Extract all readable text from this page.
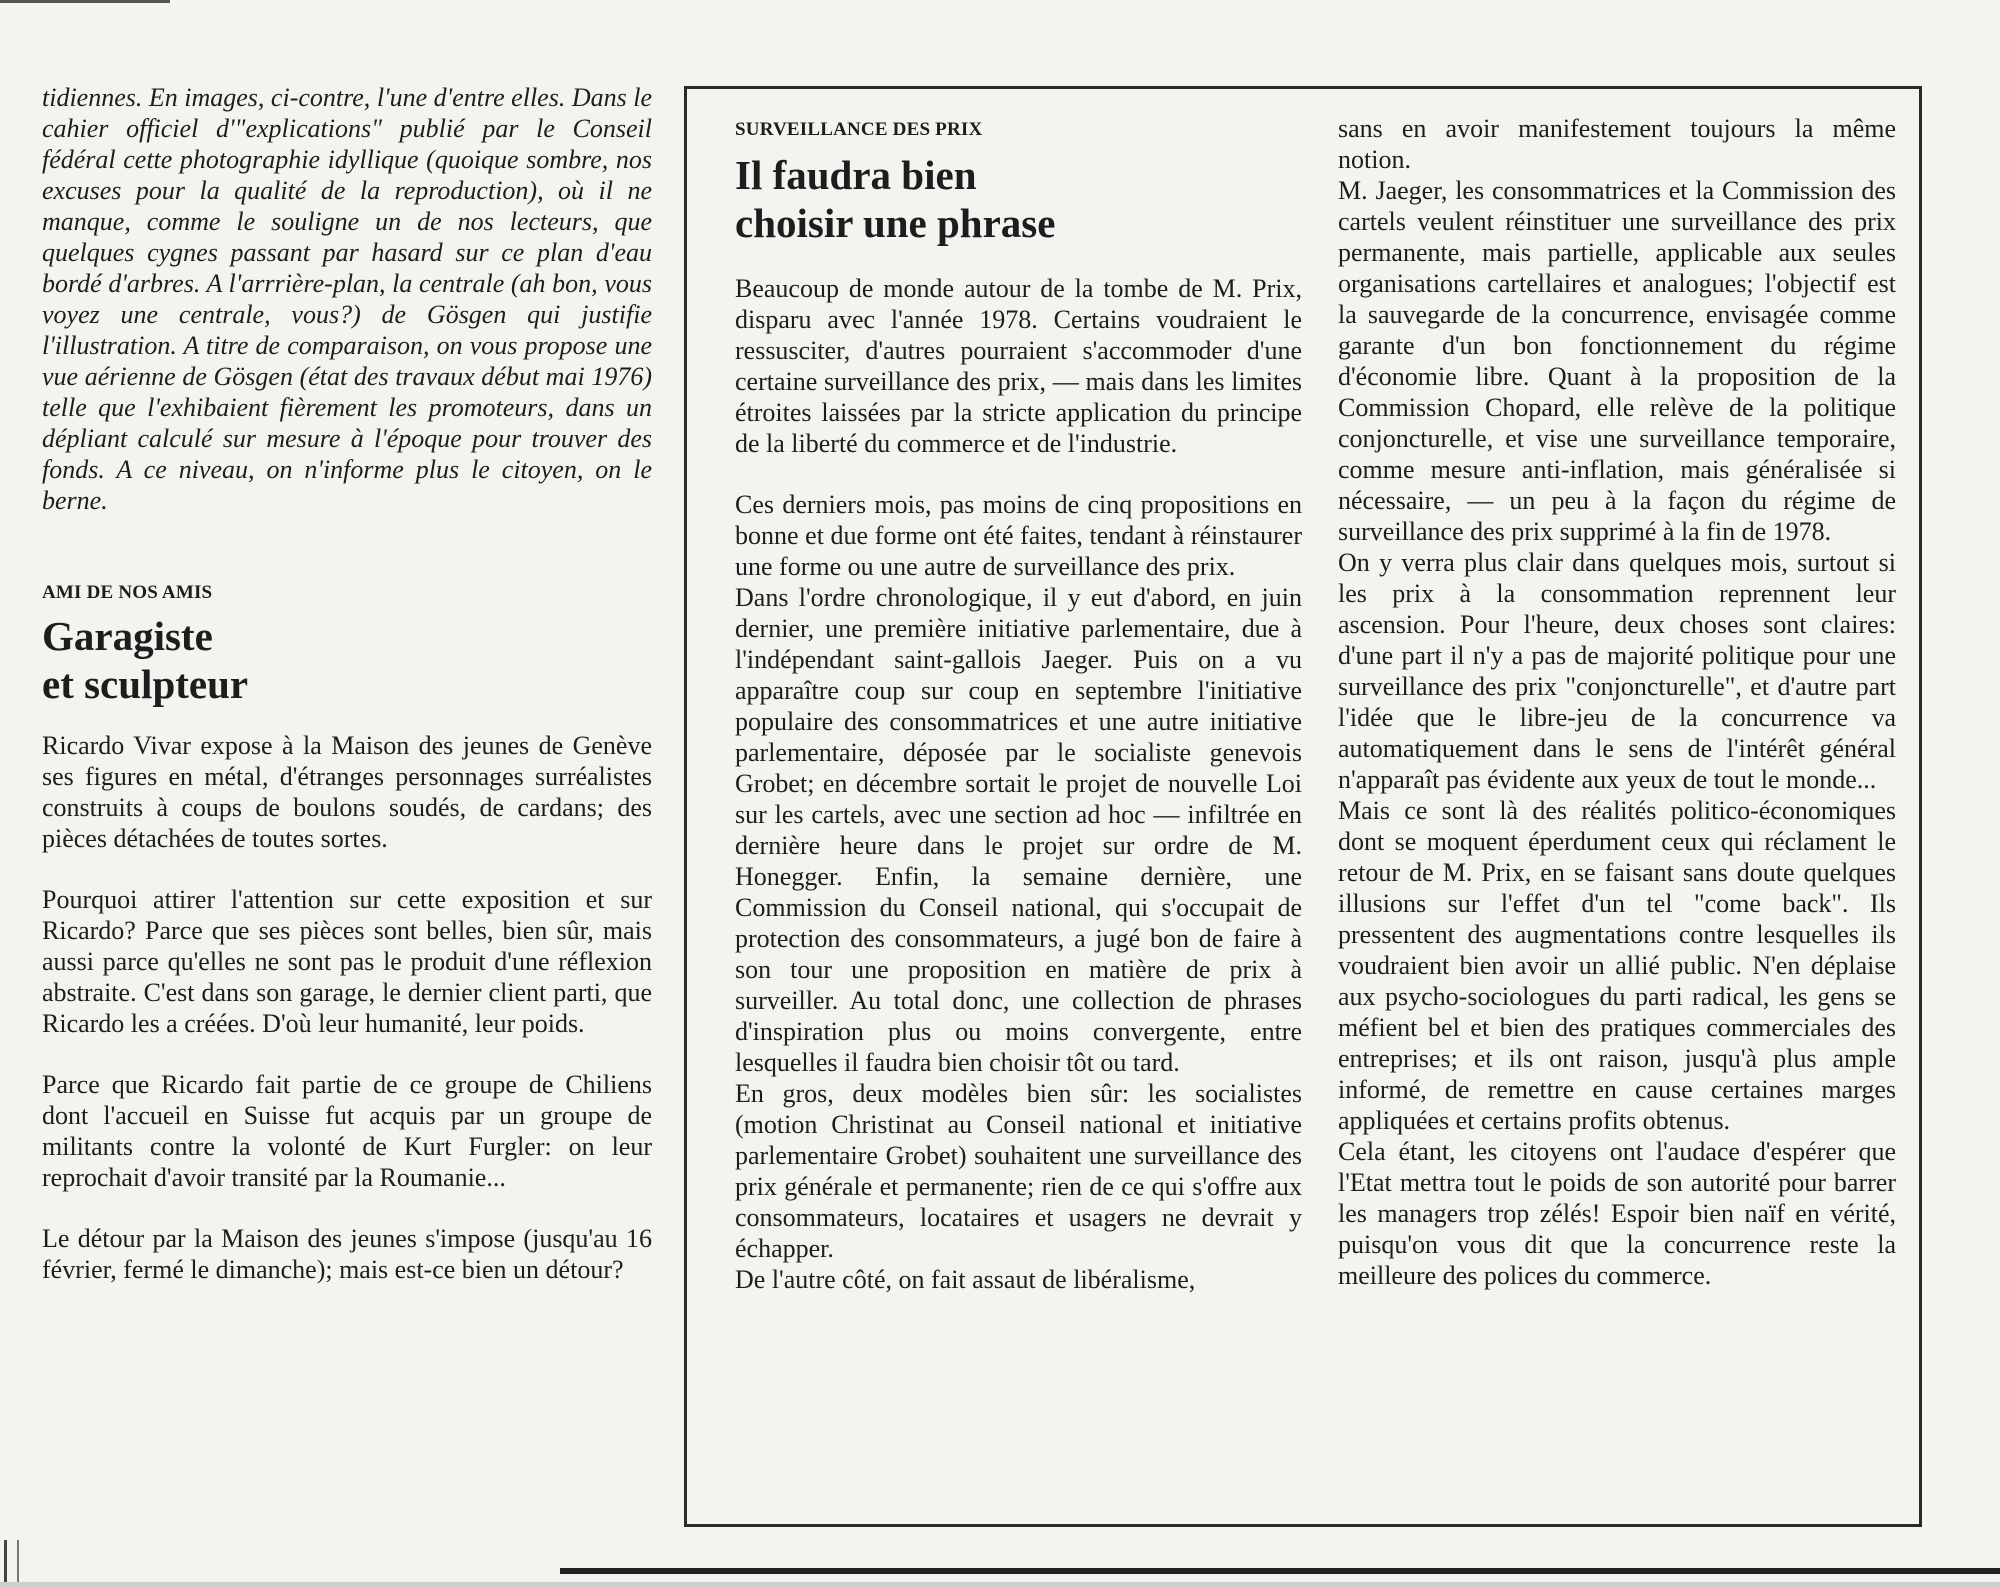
tidiennes. En images, ci-contre, l'une d'entre elles. Dans le cahier officiel d'"explications" publié par le Conseil fédéral cette photographie idyllique (quoique sombre, nos excuses pour la qualité de la reproduction), où il ne manque, comme le souligne un de nos lecteurs, que quelques cygnes passant par hasard sur ce plan d'eau bordé d'arbres. A l'arrrière-plan, la centrale (ah bon, vous voyez une centrale, vous?) de Gösgen qui justifie l'illustration. A titre de comparaison, on vous propose une vue aérienne de Gösgen (état des travaux début mai 1976) telle que l'exhibaient fièrement les promoteurs, dans un dépliant calculé sur mesure à l'époque pour trouver des fonds. A ce niveau, on n'informe plus le citoyen, on le berne.

AMI DE NOS AMIS
Garagiste
et sculpteur

Ricardo Vivar expose à la Maison des jeunes de Genève ses figures en métal, d'étranges personnages surréalistes construits à coups de boulons soudés, de cardans; des pièces détachées de toutes sortes.

Pourquoi attirer l'attention sur cette exposition et sur Ricardo? Parce que ses pièces sont belles, bien sûr, mais aussi parce qu'elles ne sont pas le produit d'une réflexion abstraite. C'est dans son garage, le dernier client parti, que Ricardo les a créées. D'où leur humanité, leur poids.

Parce que Ricardo fait partie de ce groupe de Chiliens dont l'accueil en Suisse fut acquis par un groupe de militants contre la volonté de Kurt Furgler: on leur reprochait d'avoir transité par la Roumanie...

Le détour par la Maison des jeunes s'impose (jusqu'au 16 février, fermé le dimanche); mais est-ce bien un détour?

SURVEILLANCE DES PRIX
Il faudra bien
choisir une phrase

Beaucoup de monde autour de la tombe de M. Prix, disparu avec l'année 1978. Certains voudraient le ressusciter, d'autres pourraient s'accommoder d'une certaine surveillance des prix, — mais dans les limites étroites laissées par la stricte application du principe de la liberté du commerce et de l'industrie.

Ces derniers mois, pas moins de cinq propositions en bonne et due forme ont été faites, tendant à réinstaurer une forme ou une autre de surveillance des prix.

Dans l'ordre chronologique, il y eut d'abord, en juin dernier, une première initiative parlementaire, due à l'indépendant saint-gallois Jaeger. Puis on a vu apparaître coup sur coup en septembre l'initiative populaire des consommatrices et une autre initiative parlementaire, déposée par le socialiste genevois Grobet; en décembre sortait le projet de nouvelle Loi sur les cartels, avec une section ad hoc — infiltrée en dernière heure dans le projet sur ordre de M. Honegger. Enfin, la semaine dernière, une Commission du Conseil national, qui s'occupait de protection des consommateurs, a jugé bon de faire à son tour une proposition en matière de prix à surveiller. Au total donc, une collection de phrases d'inspiration plus ou moins convergente, entre lesquelles il faudra bien choisir tôt ou tard.

En gros, deux modèles bien sûr: les socialistes (motion Christinat au Conseil national et initiative parlementaire Grobet) souhaitent une surveillance des prix générale et permanente; rien de ce qui s'offre aux consommateurs, locataires et usagers ne devrait y échapper.

De l'autre côté, on fait assaut de libéralisme,

sans en avoir manifestement toujours la même notion.

M. Jaeger, les consommatrices et la Commission des cartels veulent réinstituer une surveillance des prix permanente, mais partielle, applicable aux seules organisations cartellaires et analogues; l'objectif est la sauvegarde de la concurrence, envisagée comme garante d'un bon fonctionnement du régime d'économie libre. Quant à la proposition de la Commission Chopard, elle relève de la politique conjoncturelle, et vise une surveillance temporaire, comme mesure anti-inflation, mais généralisée si nécessaire, — un peu à la façon du régime de surveillance des prix supprimé à la fin de 1978.

On y verra plus clair dans quelques mois, surtout si les prix à la consommation reprennent leur ascension. Pour l'heure, deux choses sont claires: d'une part il n'y a pas de majorité politique pour une surveillance des prix "conjoncturelle", et d'autre part l'idée que le libre-jeu de la concurrence va automatiquement dans le sens de l'intérêt général n'apparaît pas évidente aux yeux de tout le monde...

Mais ce sont là des réalités politico-économiques dont se moquent éperdument ceux qui réclament le retour de M. Prix, en se faisant sans doute quelques illusions sur l'effet d'un tel "come back". Ils pressentent des augmentations contre lesquelles ils voudraient bien avoir un allié public. N'en déplaise aux psycho-sociologues du parti radical, les gens se méfient bel et bien des pratiques commerciales des entreprises; et ils ont raison, jusqu'à plus ample informé, de remettre en cause certaines marges appliquées et certains profits obtenus.

Cela étant, les citoyens ont l'audace d'espérer que l'Etat mettra tout le poids de son autorité pour barrer les managers trop zélés! Espoir bien naïf en vérité, puisqu'on vous dit que la concurrence reste la meilleure des polices du commerce.
